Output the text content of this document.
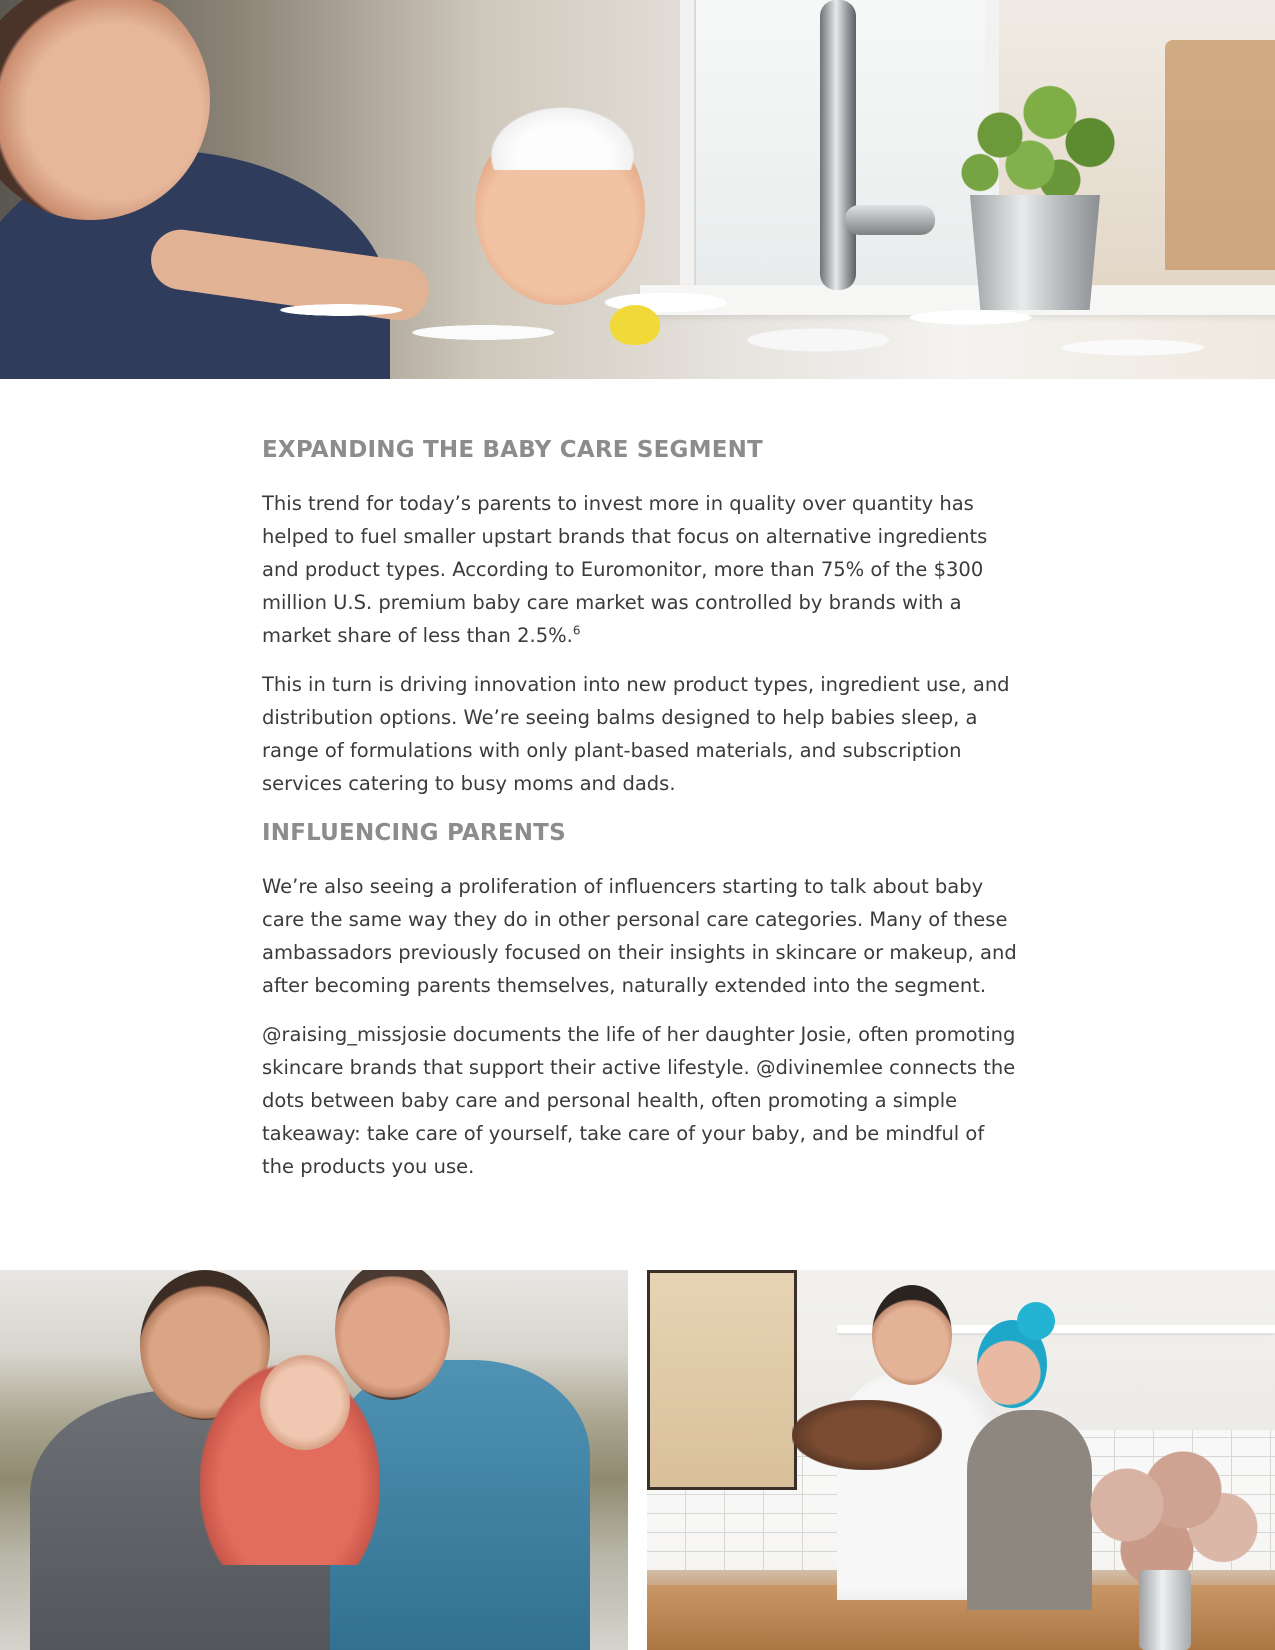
EXPANDING THE BABY CARE SEGMENT

This trend for today’s parents to invest more in quality over quantity has helped to fuel smaller upstart brands that focus on alternative ingredients and product types. According to Euromonitor, more than 75% of the $300 million U.S. premium baby care market was controlled by brands with a market share of less than 2.5%.$^6$

This in turn is driving innovation into new product types, ingredient use, and distribution options. We’re seeing balms designed to help babies sleep, a range of formulations with only plant-based materials, and subscription services catering to busy moms and dads.

INFLUENCING PARENTS

We’re also seeing a proliferation of influencers starting to talk about baby care the same way they do in other personal care categories. Many of these ambassadors previously focused on their insights in skincare or makeup, and after becoming parents themselves, naturally extended into the segment.

@raising_missjosie documents the life of her daughter Josie, often promoting skincare brands that support their active lifestyle. @divinemlee connects the dots between baby care and personal health, often promoting a simple takeaway: take care of yourself, take care of your baby, and be mindful of the products you use.
